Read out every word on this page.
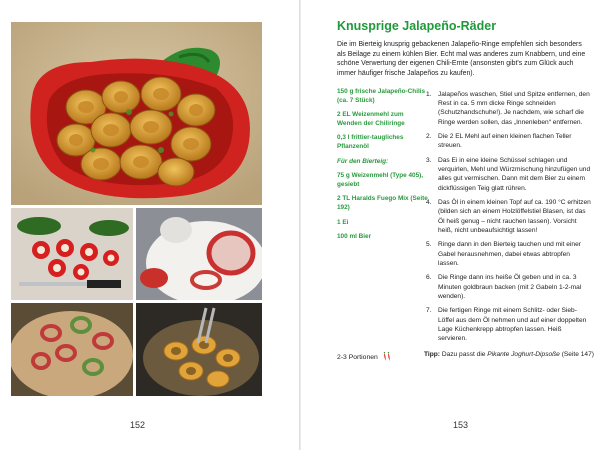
152
Knusprige Jalapeño-Räder
Die im Bierteig knusprig gebackenen Jalapeño-Ringe empfehlen sich besonders als Beilage zu einem kühlen Bier. Echt mal was anderes zum Knabbern, und eine schöne Verwertung der eigenen Chili-Ernte (ansonsten gibt's zum Glück auch immer häufiger frische Jalapeños zu kaufen).
150 g frische Jalapeño-Chilis (ca. 7 Stück)
2 EL Weizenmehl zum Wenden der Chiliringe
0,3 l frittier-taugliches Pflanzenöl
Für den Bierteig:
75 g Weizenmehl (Type 405), gesiebt
2 TL Haralds Fuego Mix (Seite 192)
1 Ei
100 ml Bier
1. Jalapeños waschen, Stiel und Spitze entfernen, den Rest in ca. 5 mm dicke Ringe schneiden (Schutzhandschuhe!). Je nachdem, wie scharf die Ringe werden sollen, das „Innenleben“ entfernen.
2. Die 2 EL Mehl auf einen kleinen flachen Teller streuen.
3. Das Ei in eine kleine Schüssel schlagen und verquirlen, Mehl und Würzmischung hinzufügen und alles gut vermischen. Dann mit dem Bier zu einem dickflüssigen Teig glatt rühren.
4. Das Öl in einem kleinen Topf auf ca. 190 °C erhitzen (bilden sich an einem Holzlöffelstiel Blasen, ist das Öl heiß genug – nicht rauchen lassen). Vorsicht heiß, nicht unbeaufsichtigt lassen!
5. Ringe dann in den Bierteig tauchen und mit einer Gabel herausnehmen, dabei etwas abtropfen lassen.
6. Die Ringe dann ins heiße Öl geben und in ca. 3 Minuten goldbraun backen (mit 2 Gabeln 1-2-mal wenden).
7. Die fertigen Ringe mit einem Schlitz- oder Sieb-Löffel aus dem Öl nehmen und auf einer doppelten Lage Küchenkrepp abtropfen lassen. Heiß servieren.
2-3 Portionen	Tipp: Dazu passt die Pikante Joghurt-Dipsoße (Seite 147)
153
